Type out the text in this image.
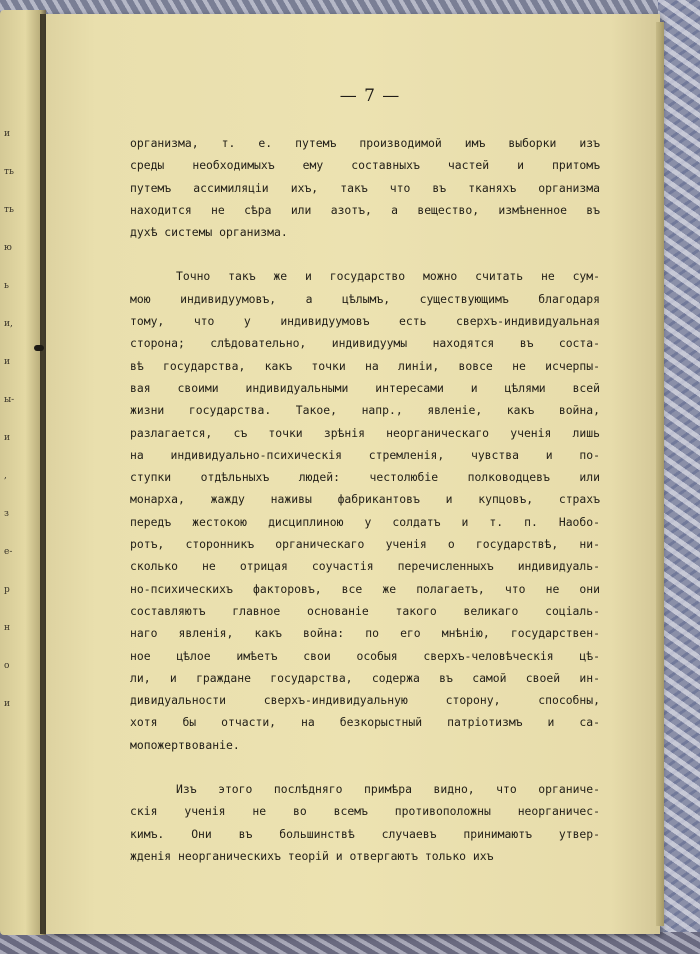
и
ть
ть
ю
ь
и,
и
ы-
и
,
з
е-
р
н
о
и
— 7 —
организма, т. е. путемъ производимой имъ выборки изъ
среды необходимыхъ ему составныхъ частей и притомъ
путемъ ассимиляціи ихъ, такъ что въ тканяхъ организма
находится не сѣра или азотъ, а вещество, измѣненное въ
духѣ системы организма.
Точно такъ же и государство можно считать не сум-
мою индивидуумовъ, а цѣлымъ, существующимъ благодаря
тому, что у индивидуумовъ есть сверхъ-индивидуальная
сторона; слѣдовательно, индивидуумы находятся въ соста-
вѣ государства, какъ точки на линіи, вовсе не исчерпы-
вая своими индивидуальными интересами и цѣлями всей
жизни государства. Такое, напр., явленіе, какъ война,
разлагается, съ точки зрѣнія неорганическаго ученія лишь
на индивидуально-психическія стремленія, чувства и по-
ступки отдѣльныхъ людей: честолюбіе полководцевъ или
монарха, жажду наживы фабрикантовъ и купцовъ, страхъ
передъ жестокою дисциплиною у солдатъ и т. п. Наобо-
ротъ, сторонникъ органическаго ученія о государствѣ, ни-
сколько не отрицая соучастія перечисленныхъ индивидуаль-
но-психическихъ факторовъ, все же полагаетъ, что не они
составляютъ главное основаніе такого великаго соціаль-
наго явленія, какъ война: по его мнѣнію, государствен-
ное цѣлое имѣетъ свои особыя сверхъ-человѣческія цѣ-
ли, и граждане государства, содержа въ самой своей ин-
дивидуальности сверхъ-индивидуальную сторону, способны,
хотя бы отчасти, на безкорыстный патріотизмъ и са-
мопожертвованіе.
Изъ этого послѣдняго примѣра видно, что органиче-
скія ученія не во всемъ противоположны неорганичес-
кимъ. Они въ большинствѣ случаевъ принимаютъ утвер-
жденія неорганическихъ теорій и отвергаютъ только ихъ
